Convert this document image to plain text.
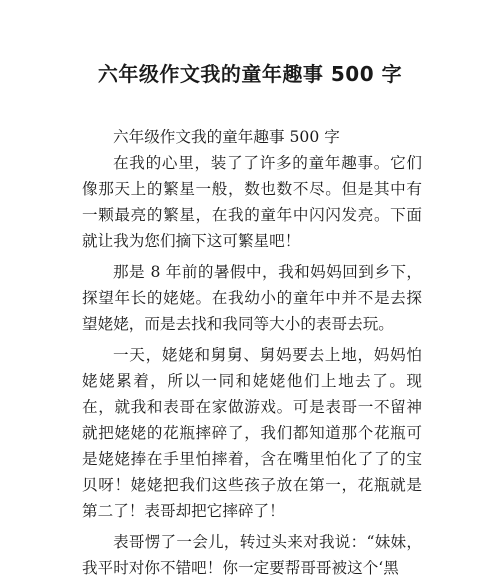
六年级作文我的童年趣事 500 字

六年级作文我的童年趣事 500 字

在我的心里，装了了许多的童年趣事。它们像那天上的繁星一般，数也数不尽。但是其中有一颗最亮的繁星，在我的童年中闪闪发亮。下面就让我为您们摘下这可繁星吧！

那是 8 年前的暑假中，我和妈妈回到乡下，探望年长的姥姥。在我幼小的童年中并不是去探望姥姥，而是去找和我同等大小的表哥去玩。

一天，姥姥和舅舅、舅妈要去上地，妈妈怕姥姥累着，所以一同和姥姥他们上地去了。现在，就我和表哥在家做游戏。可是表哥一不留神就把姥姥的花瓶摔碎了，我们都知道那个花瓶可是姥姥捧在手里怕摔着，含在嘴里怕化了了的宝贝呀！姥姥把我们这些孩子放在第一，花瓶就是第二了！表哥却把它摔碎了！

表哥愣了一会儿，转过头来对我说：“妹妹，我平时对你不错吧！你一定要帮哥哥被这个‘黑
